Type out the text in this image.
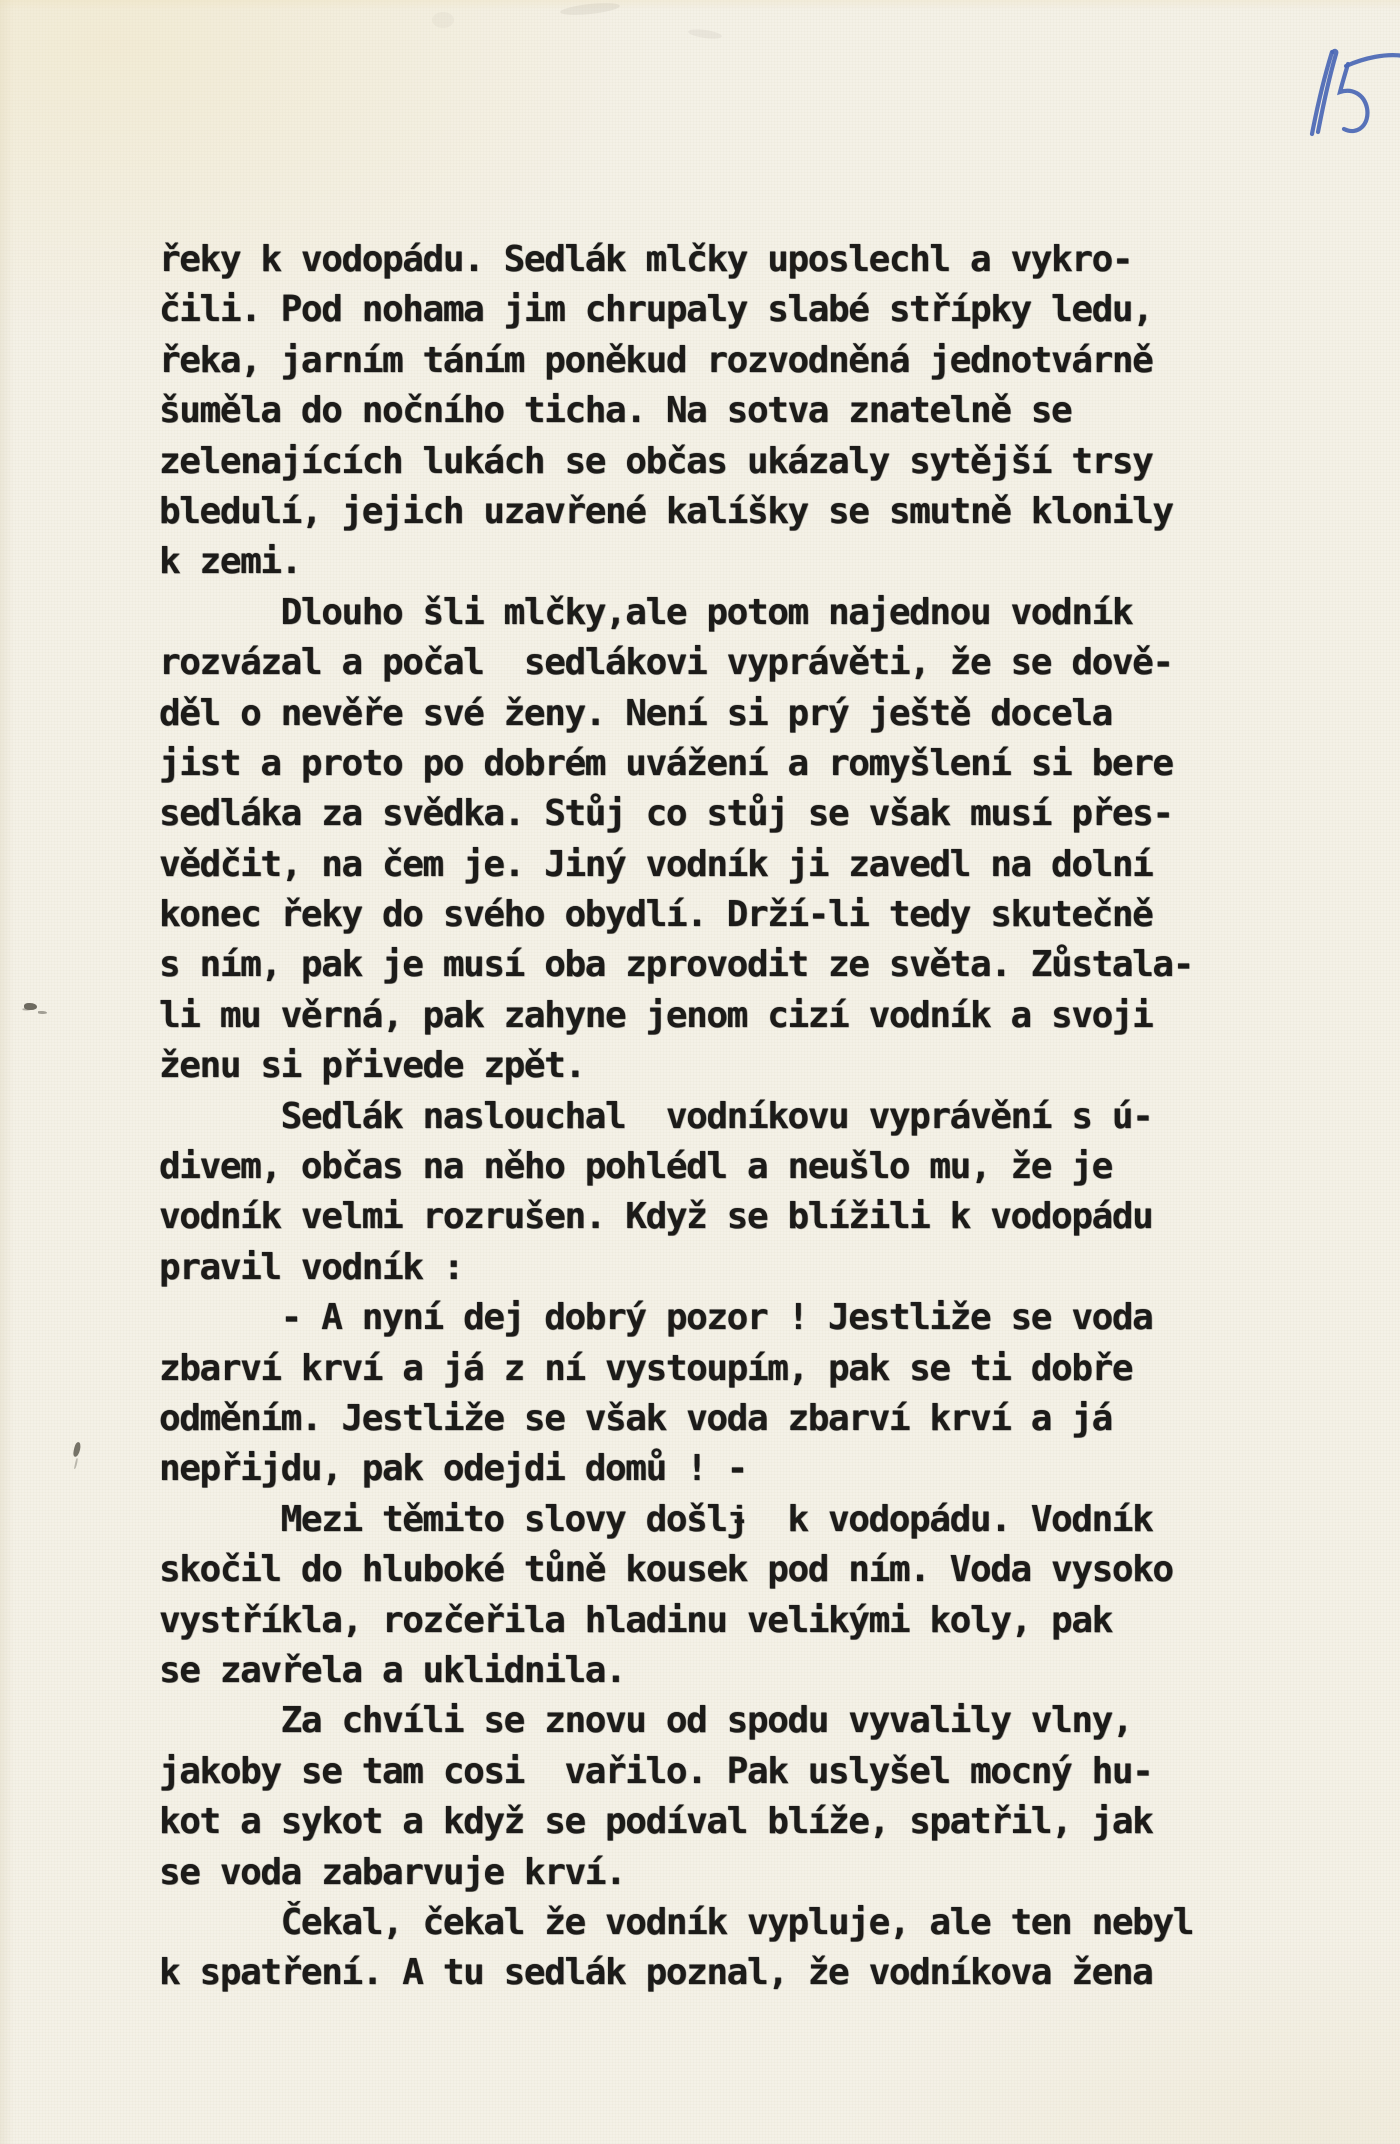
řeky k vodopádu. Sedlák mlčky uposlechl a vykro-
čili. Pod nohama jim chrupaly slabé střípky ledu,
řeka, jarním táním poněkud rozvodněná jednotvárně
šuměla do nočního ticha. Na sotva znatelně se
zelenajících lukách se občas ukázaly sytější trsy
bledulí, jejich uzavřené kalíšky se smutně klonily
k zemi.
Dlouho šli mlčky,ale potom najednou vodník
rozvázal a počal  sedlákovi vyprávěti, že se dově-
děl o nevěře své ženy. Není si prý ještě docela
jist a proto po dobrém uvážení a romyšlení si bere
sedláka za svědka. Stůj co stůj se však musí přes-
vědčit, na čem je. Jiný vodník ji zavedl na dolní
konec řeky do svého obydlí. Drží-li tedy skutečně
s ním, pak je musí oba zprovodit ze světa. Zůstala-
li mu věrná, pak zahyne jenom cizí vodník a svoji
ženu si přivede zpět.
Sedlák naslouchal  vodníkovu vyprávění s ú-
divem, občas na něho pohlédl a neušlo mu, že je
vodník velmi rozrušen. Když se blížili k vodopádu
pravil vodník :
- A nyní dej dobrý pozor ! Jestliže se voda
zbarví krví a já z ní vystoupím, pak se ti dobře
odměním. Jestliže se však voda zbarví krví a já
nepřijdu, pak odejdi domů ! -
Mezi těmito slovy došlɉ  k vodopádu. Vodník
skočil do hluboké tůně kousek pod ním. Voda vysoko
vystříkla, rozčeřila hladinu velikými koly, pak
se zavřela a uklidnila.
Za chvíli se znovu od spodu vyvalily vlny,
jakoby se tam cosi  vařilo. Pak uslyšel mocný hu-
kot a sykot a když se podíval blíže, spatřil, jak
se voda zabarvuje krví.
Čekal, čekal že vodník vypluje, ale ten nebyl
k spatření. A tu sedlák poznal, že vodníkova žena
